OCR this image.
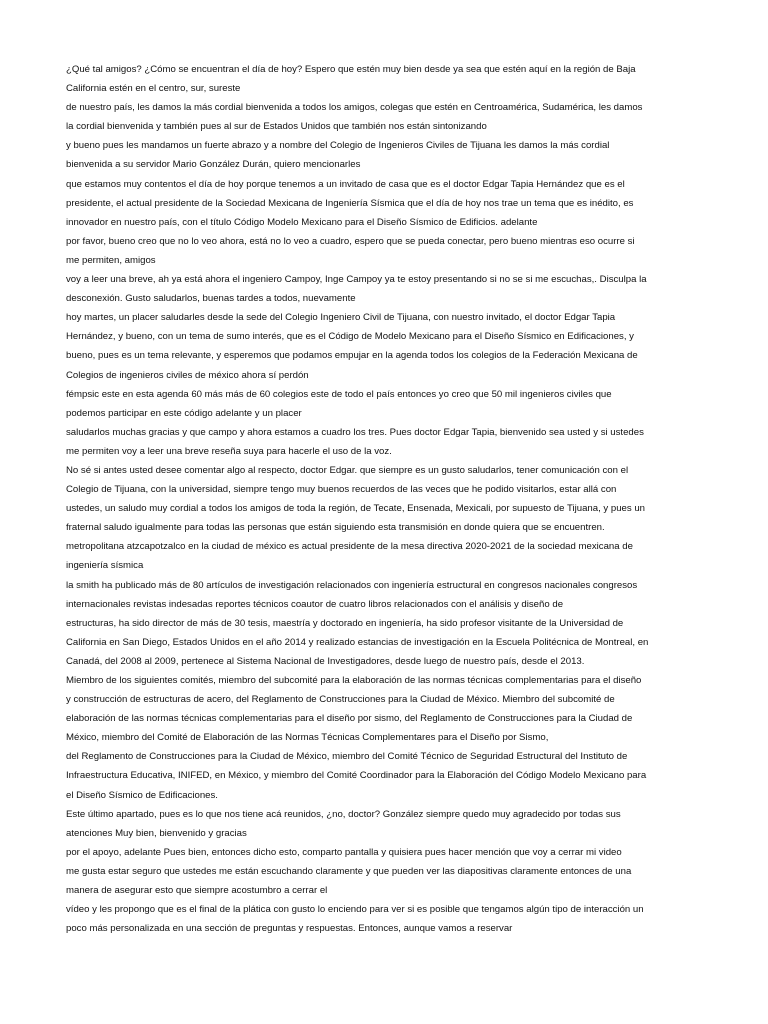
¿Qué tal amigos? ¿Cómo se encuentran el día de hoy? Espero que estén muy bien desde ya sea que estén aquí en la región de Baja

California estén en el centro, sur, sureste

de nuestro país, les damos la más cordial bienvenida a todos los amigos, colegas que estén en Centroamérica, Sudamérica, les damos

la cordial bienvenida y también pues al sur de Estados Unidos que también nos están sintonizando

y bueno pues les mandamos un fuerte abrazo y a nombre del Colegio de Ingenieros Civiles de Tijuana les damos la más cordial

bienvenida a su servidor Mario González Durán, quiero mencionarles

que estamos muy contentos el día de hoy porque tenemos a un invitado de casa que es el doctor Edgar Tapia Hernández que es el

presidente, el actual presidente de la Sociedad Mexicana de Ingeniería Sísmica que el día de hoy nos trae un tema que es inédito, es

innovador en nuestro país, con el título Código Modelo Mexicano para el Diseño Sísmico de Edificios. adelante

por favor, bueno creo que no lo veo ahora, está no lo veo a cuadro, espero que se pueda conectar, pero bueno mientras eso ocurre si

me permiten, amigos

voy a leer una breve, ah ya está ahora el ingeniero Campoy, Inge Campoy ya te estoy presentando si no se si me escuchas,. Disculpa la

desconexión. Gusto saludarlos, buenas tardes a todos, nuevamente

hoy martes, un placer saludarles desde la sede del Colegio Ingeniero Civil de Tijuana, con nuestro invitado, el doctor Edgar Tapia

Hernández, y bueno, con un tema de sumo interés, que es el Código de Modelo Mexicano para el Diseño Sísmico en Edificaciones, y

bueno, pues es un tema relevante, y esperemos que podamos empujar en la agenda todos los colegios de la Federación Mexicana de

Colegios de ingenieros civiles de méxico ahora sí perdón

fémpsic este en esta agenda 60 más más de 60 colegios este de todo el país entonces yo creo que 50 mil ingenieros civiles que

podemos participar en este código adelante y un placer

saludarlos muchas gracias y que campo y ahora estamos a cuadro los tres. Pues doctor Edgar Tapia, bienvenido sea usted y si ustedes

me permiten voy a leer una breve reseña suya para hacerle el uso de la voz.

No sé si antes usted desee comentar algo al respecto, doctor Edgar. que siempre es un gusto saludarlos, tener comunicación con el

Colegio de Tijuana, con la universidad, siempre tengo muy buenos recuerdos de las veces que he podido visitarlos, estar allá con

ustedes, un saludo muy cordial a todos los amigos de toda la región, de Tecate, Ensenada, Mexicali, por supuesto de Tijuana, y pues un

fraternal saludo igualmente para todas las personas que están siguiendo esta transmisión en donde quiera que se encuentren.

metropolitana atzcapotzalco en la ciudad de méxico es actual presidente de la mesa directiva 2020-2021 de la sociedad mexicana de

ingeniería sísmica

la smith ha publicado más de 80 artículos de investigación relacionados con ingeniería estructural en congresos nacionales congresos

internacionales revistas indesadas reportes técnicos coautor de cuatro libros relacionados con el análisis y diseño de

estructuras, ha sido director de más de 30 tesis, maestría y doctorado en ingeniería, ha sido profesor visitante de la Universidad de

California en San Diego, Estados Unidos en el año 2014 y realizado estancias de investigación en la Escuela Politécnica de Montreal, en

Canadá, del 2008 al 2009, pertenece al Sistema Nacional de Investigadores, desde luego de nuestro país, desde el 2013.

Miembro de los siguientes comités, miembro del subcomité para la elaboración de las normas técnicas complementarias para el diseño

y construcción de estructuras de acero, del Reglamento de Construcciones para la Ciudad de México. Miembro del subcomité de

elaboración de las normas técnicas complementarias para el diseño por sismo, del Reglamento de Construcciones para la Ciudad de

México, miembro del Comité de Elaboración de las Normas Técnicas Complementares para el Diseño por Sismo,

del Reglamento de Construcciones para la Ciudad de México, miembro del Comité Técnico de Seguridad Estructural del Instituto de

Infraestructura Educativa, INIFED, en México, y miembro del Comité Coordinador para la Elaboración del Código Modelo Mexicano para

el Diseño Sísmico de Edificaciones.

Este último apartado, pues es lo que nos tiene acá reunidos, ¿no, doctor? González siempre quedo muy agradecido por todas sus

atenciones Muy bien, bienvenido y gracias

por el apoyo, adelante Pues bien, entonces dicho esto, comparto pantalla y quisiera pues hacer mención que voy a cerrar mi video

me gusta estar seguro que ustedes me están escuchando claramente y que pueden ver las diapositivas claramente entonces de una

manera de asegurar esto que siempre acostumbro a cerrar el

vídeo y les propongo que es el final de la plática con gusto lo enciendo para ver si es posible que tengamos algún tipo de interacción un

poco más personalizada en una sección de preguntas y respuestas. Entonces, aunque vamos a reservar
